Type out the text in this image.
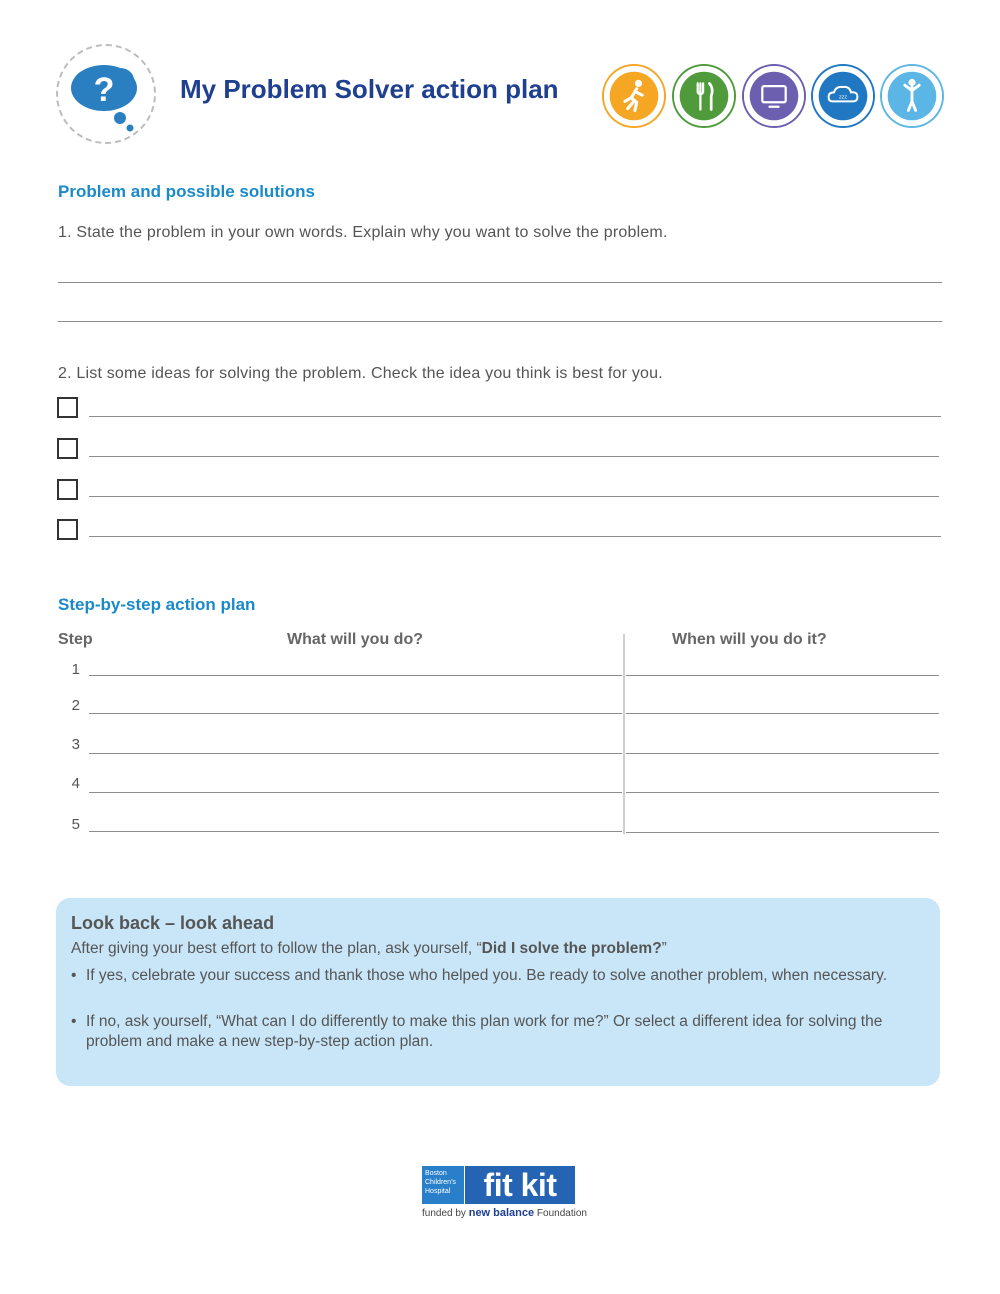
?	My Problem Solver action plan	zzz
Problem and possible solutions
1. State the problem in your own words. Explain why you want to solve the problem.
2. List some ideas for solving the problem. Check the idea you think is best for you.
Step-by-step action plan
Step	What will you do?	When will you do it?
1
2
3
4
5
Look back – look ahead
After giving your best effort to follow the plan, ask yourself, “Did I solve the problem?”
• If yes, celebrate your success and thank those who helped you. Be ready to solve another problem, when necessary.
• If no, ask yourself, “What can I do differently to make this plan work for me?” Or select a different idea for solving the problem and make a new step-by-step action plan.
Boston Children's Hospital	fit kit
funded by new balance Foundation
